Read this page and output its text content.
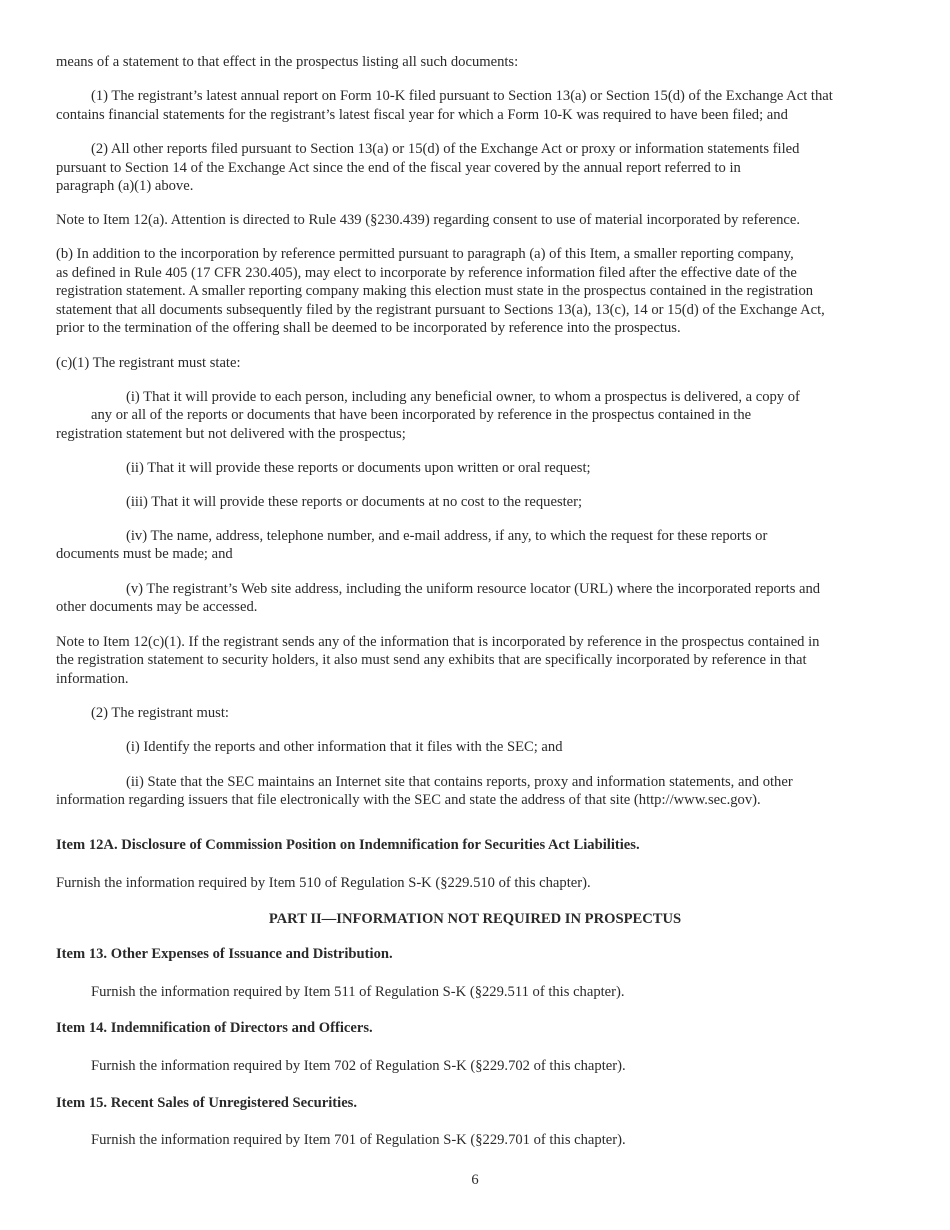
means of a statement to that effect in the prospectus listing all such documents:
(1) The registrant’s latest annual report on Form 10-K filed pursuant to Section 13(a) or Section 15(d) of the Exchange Act that
contains financial statements for the registrant’s latest fiscal year for which a Form 10-K was required to have been filed; and
(2) All other reports filed pursuant to Section 13(a) or 15(d) of the Exchange Act or proxy or information statements filed
pursuant to Section 14 of the Exchange Act since the end of the fiscal year covered by the annual report referred to in
paragraph (a)(1) above.
Note to Item 12(a). Attention is directed to Rule 439 (§230.439) regarding consent to use of material incorporated by reference.
(b) In addition to the incorporation by reference permitted pursuant to paragraph (a) of this Item, a smaller reporting company,
as defined in Rule 405 (17 CFR 230.405), may elect to incorporate by reference information filed after the effective date of the
registration statement. A smaller reporting company making this election must state in the prospectus contained in the registration
statement that all documents subsequently filed by the registrant pursuant to Sections 13(a), 13(c), 14 or 15(d) of the Exchange Act,
prior to the termination of the offering shall be deemed to be incorporated by reference into the prospectus.
(c)(1) The registrant must state:
(i) That it will provide to each person, including any beneficial owner, to whom a prospectus is delivered, a copy of
any or all of the reports or documents that have been incorporated by reference in the prospectus contained in the
registration statement but not delivered with the prospectus;
(ii) That it will provide these reports or documents upon written or oral request;
(iii) That it will provide these reports or documents at no cost to the requester;
(iv) The name, address, telephone number, and e-mail address, if any, to which the request for these reports or
documents must be made; and
(v) The registrant’s Web site address, including the uniform resource locator (URL) where the incorporated reports and
other documents may be accessed.
Note to Item 12(c)(1). If the registrant sends any of the information that is incorporated by reference in the prospectus contained in
the registration statement to security holders, it also must send any exhibits that are specifically incorporated by reference in that
information.
(2) The registrant must:
(i) Identify the reports and other information that it files with the SEC; and
(ii) State that the SEC maintains an Internet site that contains reports, proxy and information statements, and other
information regarding issuers that file electronically with the SEC and state the address of that site (http://www.sec.gov).
Item 12A. Disclosure of Commission Position on Indemnification for Securities Act Liabilities.
Furnish the information required by Item 510 of Regulation S-K (§229.510 of this chapter).
PART II—INFORMATION NOT REQUIRED IN PROSPECTUS
Item 13. Other Expenses of Issuance and Distribution.
Furnish the information required by Item 511 of Regulation S-K (§229.511 of this chapter).
Item 14. Indemnification of Directors and Officers.
Furnish the information required by Item 702 of Regulation S-K (§229.702 of this chapter).
Item 15. Recent Sales of Unregistered Securities.
Furnish the information required by Item 701 of Regulation S-K (§229.701 of this chapter).
6
